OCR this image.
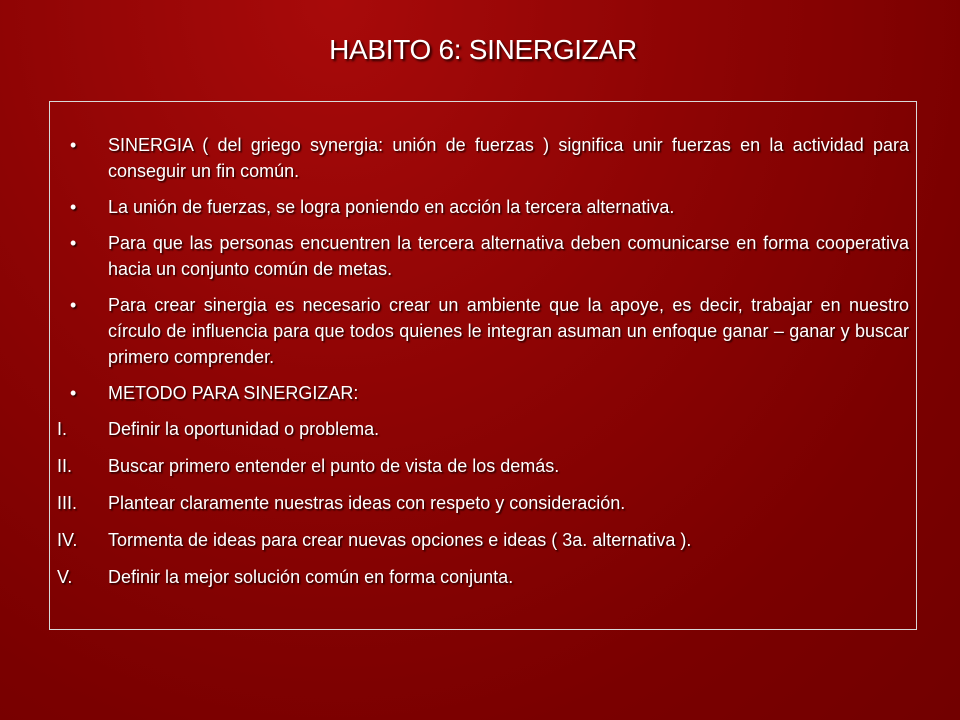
HABITO 6: SINERGIZAR
• SINERGIA ( del griego synergia: unión de fuerzas ) significa unir fuerzas en la actividad para conseguir un fin común.
• La unión de fuerzas, se logra poniendo en acción la tercera alternativa.
• Para que las personas encuentren la tercera alternativa deben comunicarse en forma cooperativa hacia un conjunto común de metas.
• Para crear sinergia es necesario crear un ambiente que la apoye, es decir, trabajar en nuestro círculo de influencia para que todos quienes le integran asuman un enfoque ganar – ganar y buscar primero comprender.
• METODO PARA SINERGIZAR:
I. Definir la oportunidad o problema.
II. Buscar primero entender el punto de vista de los demás.
III. Plantear claramente nuestras ideas con respeto y consideración.
IV. Tormenta de ideas para crear nuevas opciones e ideas ( 3a. alternativa ).
V. Definir la mejor solución común en forma conjunta.
